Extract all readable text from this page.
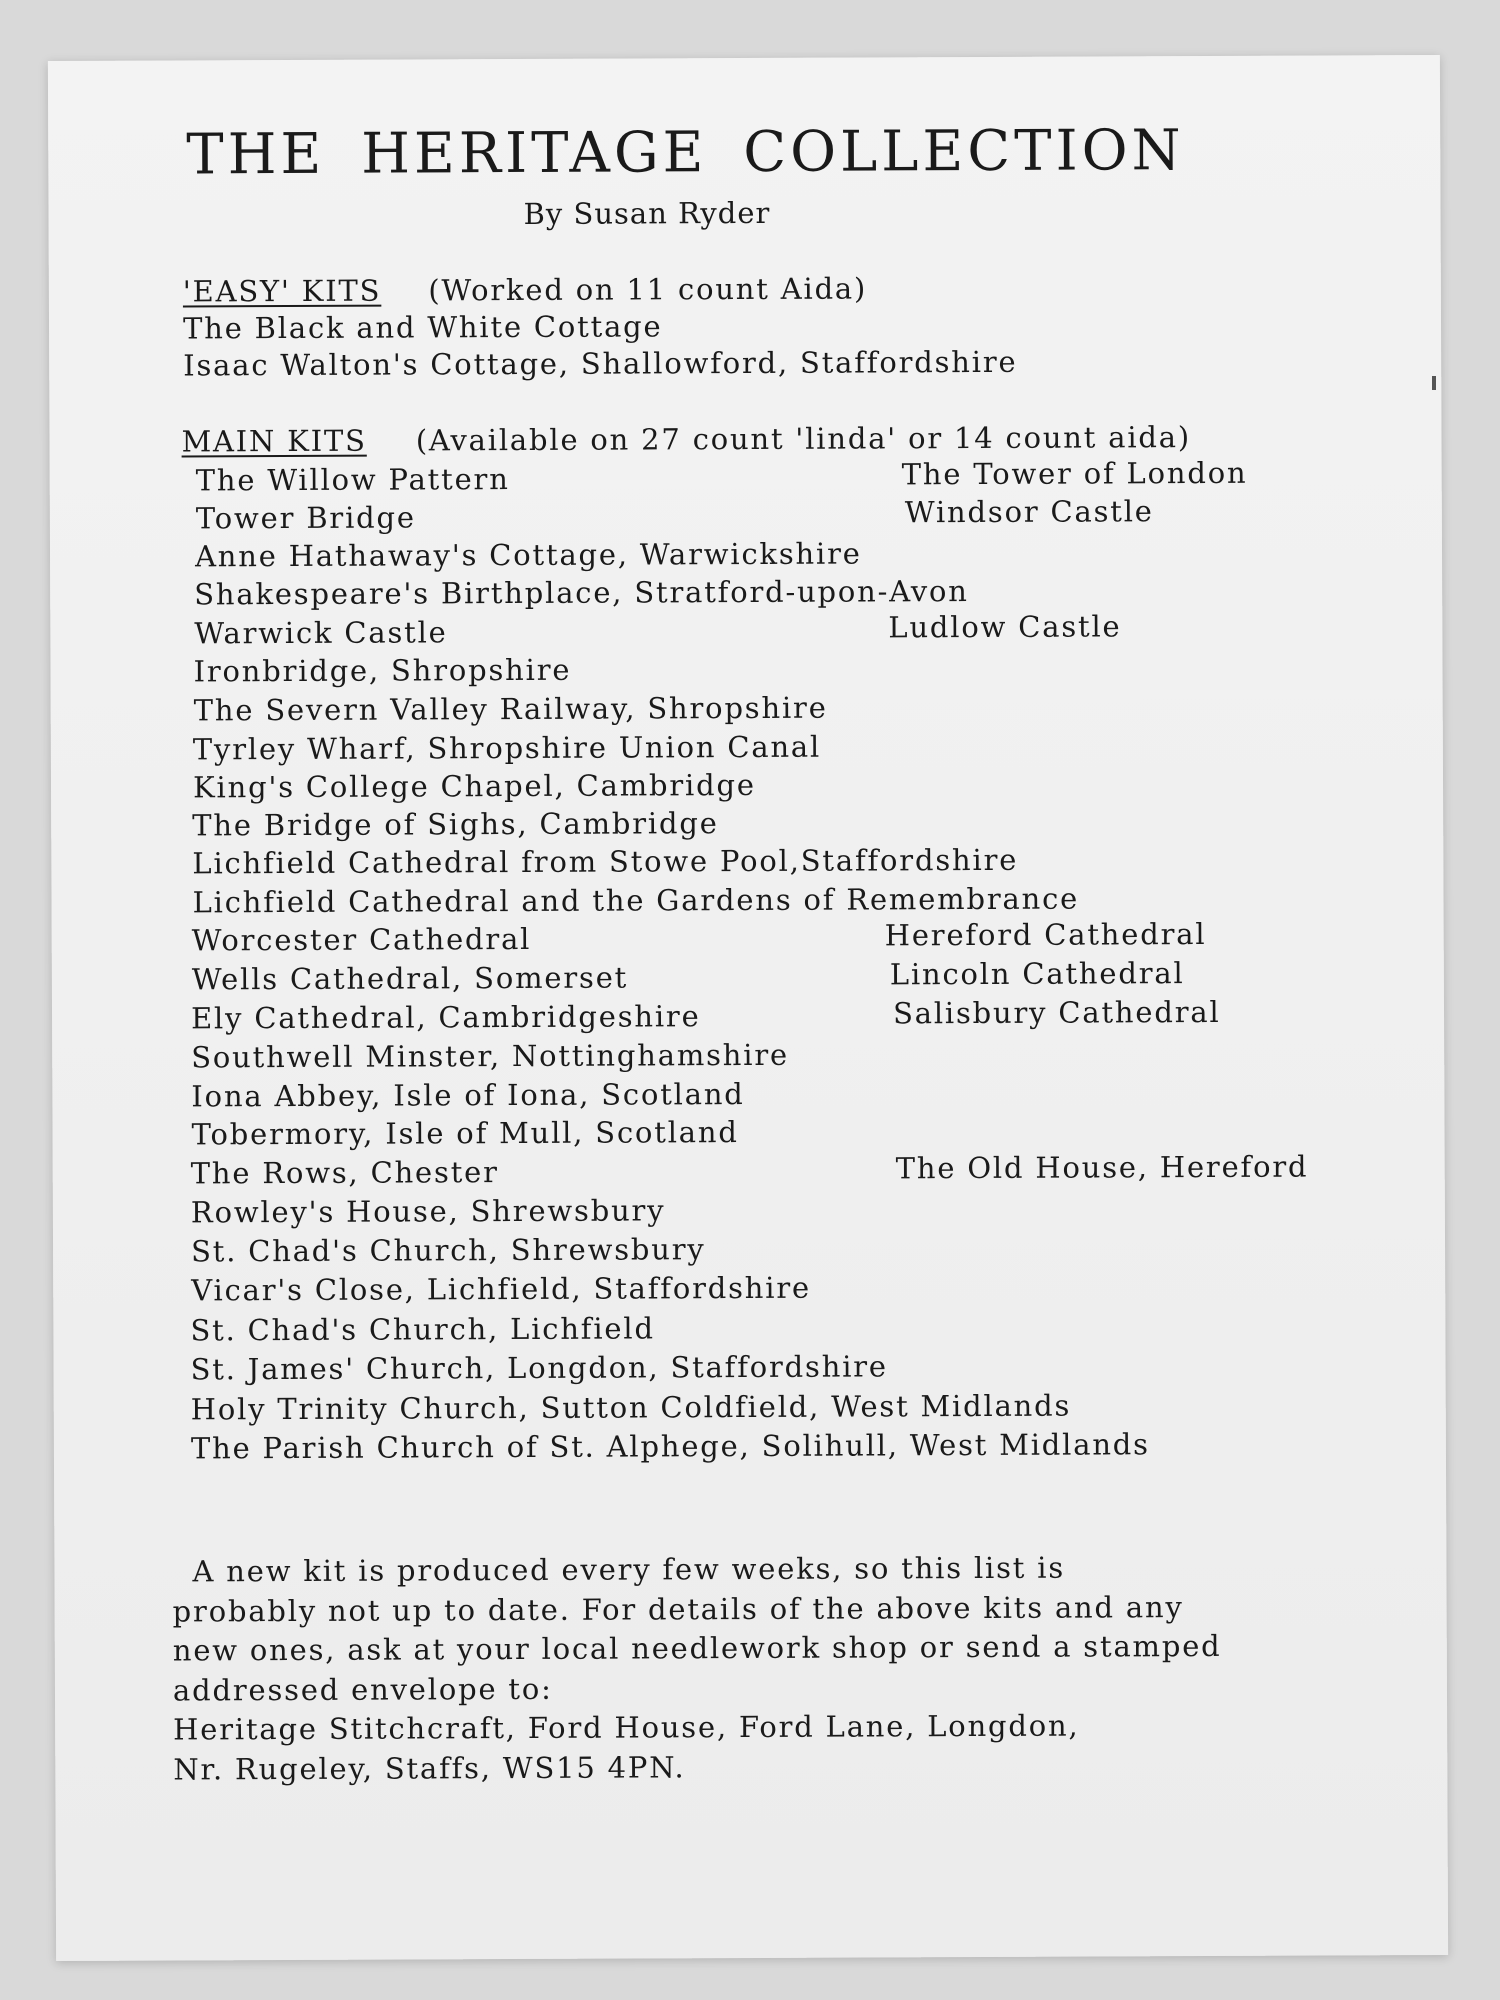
THE HERITAGE COLLECTION
By Susan Ryder
'EASY' KITS (Worked on 11 count Aida)
The Black and White Cottage
Isaac Walton's Cottage, Shallowford, Staffordshire
MAIN KITS (Available on 27 count 'linda' or 14 count aida)
The Willow Pattern
Tower Bridge
Anne Hathaway's Cottage, Warwickshire
Shakespeare's Birthplace, Stratford-upon-Avon
Warwick Castle
Ironbridge, Shropshire
The Severn Valley Railway, Shropshire
Tyrley Wharf, Shropshire Union Canal
King's College Chapel, Cambridge
The Bridge of Sighs, Cambridge
Lichfield Cathedral from Stowe Pool,Staffordshire
Lichfield Cathedral and the Gardens of Remembrance
Worcester Cathedral
Wells Cathedral, Somerset
Ely Cathedral, Cambridgeshire
Southwell Minster, Nottinghamshire
Iona Abbey, Isle of Iona, Scotland
Tobermory, Isle of Mull, Scotland
The Rows, Chester
Rowley's House, Shrewsbury
St. Chad's Church, Shrewsbury
Vicar's Close, Lichfield, Staffordshire
St. Chad's Church, Lichfield
St. James' Church, Longdon, Staffordshire
Holy Trinity Church, Sutton Coldfield, West Midlands
The Parish Church of St. Alphege, Solihull, West Midlands
The Tower of London
Windsor Castle
Ludlow Castle
Hereford Cathedral
Lincoln Cathedral
Salisbury Cathedral
The Old House, Hereford

A new kit is produced every few weeks, so this list is

probably not up to date. For details of the above kits and any

new ones, ask at your local needlework shop or send a stamped

addressed envelope to:

Heritage Stitchcraft, Ford House, Ford Lane, Longdon,

Nr. Rugeley, Staffs, WS15 4PN.
